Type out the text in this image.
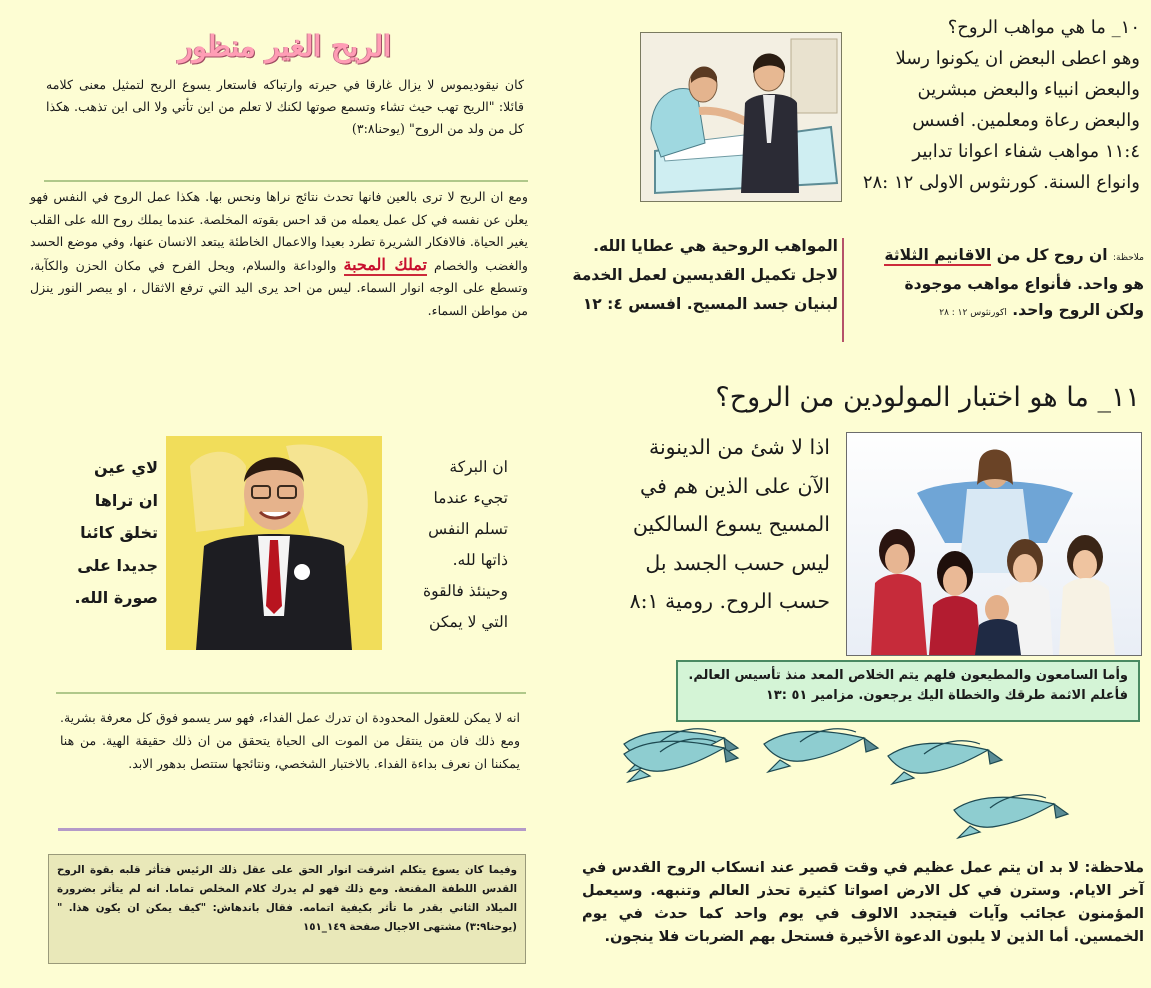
١٠_ ما هي مواهب الروح؟
وهو اعطى البعض ان يكونوا رسلا
والبعض انبياء والبعض مبشرين
والبعض رعاة ومعلمين. افسس
١١:٤ مواهب شفاء اعوانا تدابير
وانواع السنة. كورنثوس الاولى ١٢ :٢٨
المواهب الروحية هي عطايا الله.
لاجل تكميل القديسين لعمل الخدمة
لبنيان جسد المسيح. افسس ٤: ١٢
ملاحظة: ان روح كل من الاقانيم الثلاثة
هو واحد. فأنواع مواهب موجودة
ولكن الروح واحد. اكورنثوس ١٢ : ٢٨
١١_ ما هو اختبار المولودين من الروح؟
اذا لا شئ من الدينونة
الآن على الذين هم في
المسيح يسوع السالكين
ليس حسب الجسد بل
حسب الروح. رومية ٨:١
وأما السامعون والمطيعون فلهم يتم الخلاص المعد منذ تأسيس العالم.
فأعلم الاثمة طرقك والخطاة اليك يرجعون. مزامير ٥١ :١٣
ملاحظة: لا بد ان يتم عمل عظيم في وقت قصير عند انسكاب الروح القدس في آخر الايام. وسترن في كل الارض اصواتا كثيرة تحذر العالم وتنبهه. وسيعمل المؤمنون عجائب وآيات فيتجدد الالوف في يوم واحد كما حدث في يوم الخمسين. أما الذين لا يلبون الدعوة الأخيرة فستحل بهم الضربات فلا ينجون.
الريح الغير منظور
كان نيقوديموس لا يزال غارقا في حيرته وارتباكه فاستعار يسوع الريح لتمثيل معنى كلامه قائلا: "الريح تهب حيث تشاء وتسمع صوتها لكنك لا تعلم من اين تأتي ولا الى اين تذهب. هكذا كل من ولد من الروح" (يوحنا٣:٨)
ومع ان الريح لا ترى بالعين فانها تحدث نتائج نراها ونحس بها. هكذا عمل الروح في النفس فهو يعلن عن نفسه في كل عمل يعمله من قد احس بقوته المخلصة. عندما يملك روح الله على القلب يغير الحياة. فالافكار الشريرة تطرد بعيدا والاعمال الخاطئة يبتعد الانسان عنها، وفي موضع الحسد والغضب والخصام تملك المحبة والوداعة والسلام، ويحل الفرح في مكان الحزن والكآبة، وتسطع على الوجه انوار السماء. ليس من احد يرى اليد التي ترفع الاثقال ، او يبصر النور ينزل من مواطن السماء.
ان البركة
تجيء عندما
تسلم النفس
ذاتها لله.
وحينئذ فالقوة
التي لا يمكن
لاي عين
ان تراها
تخلق كائنا
جديدا على
صورة الله.
انه لا يمكن للعقول المحدودة ان تدرك عمل الفداء، فهو سر يسمو فوق كل معرفة بشرية. ومع ذلك فان من ينتقل من الموت الى الحياة يتحقق من ان ذلك حقيقة الهية. من هنا يمكننا ان نعرف بداءة الفداء. بالاختبار الشخصي، ونتائجها ستتصل بدهور الابد.
وفيما كان يسوع يتكلم اشرقت انوار الحق على عقل ذلك الرئيس فتأثر قلبه بقوة الروح القدس اللطفة المقنعة. ومع ذلك فهو لم يدرك كلام المخلص تماما. انه لم يتأثر بضرورة الميلاد الثاني بقدر ما تأثر بكيفية اتمامه. فقال باندهاش: "كيف يمكن ان يكون هذا. "(يوحنا٣:٩) مشتهى الاجيال صفحة ١٤٩_١٥١
